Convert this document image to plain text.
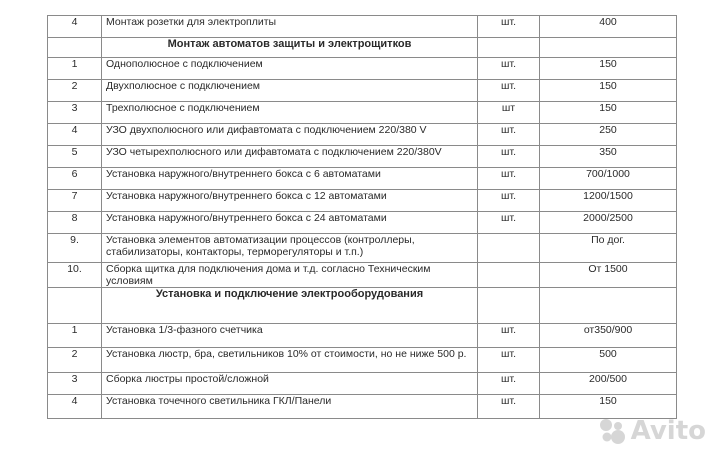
4	Монтаж розетки для электроплиты	шт.	400
	Монтаж автоматов защиты и электрощитков		
1	Однополюсное с подключением	шт.	150
2	Двухполюсное с подключением	шт.	150
3	Трехполюсное с подключением	шт	150
4	УЗО двухполюсного или дифавтомата с подключением 220/380 V	шт.	250
5	УЗО четырехполюсного или дифавтомата с подключением 220/380V	шт.	350
6	Установка наружного/внутреннего бокса с 6 автоматами	шт.	700/1000
7	Установка наружного/внутреннего бокса с 12 автоматами	шт.	1200/1500
8	Установка наружного/внутреннего бокса с 24 автоматами	шт.	2000/2500
9.	Установка элементов автоматизации процессов (контроллеры, стабилизаторы, контакторы, терморегуляторы и т.п.)		По дог.
10.	Сборка щитка для подключения дома и т.д. согласно Техническим условиям		От 1500
	Установка и подключение электрооборудования		
1	Установка 1/3-фазного счетчика	шт.	от350/900
2	Установка люстр, бра, светильников 10% от стоимости, но не ниже 500 р.	шт.	500
3	Сборка люстры простой/сложной	шт.	200/500
4	Установка точечного светильника ГКЛ/Панели	шт.	150
Avito
